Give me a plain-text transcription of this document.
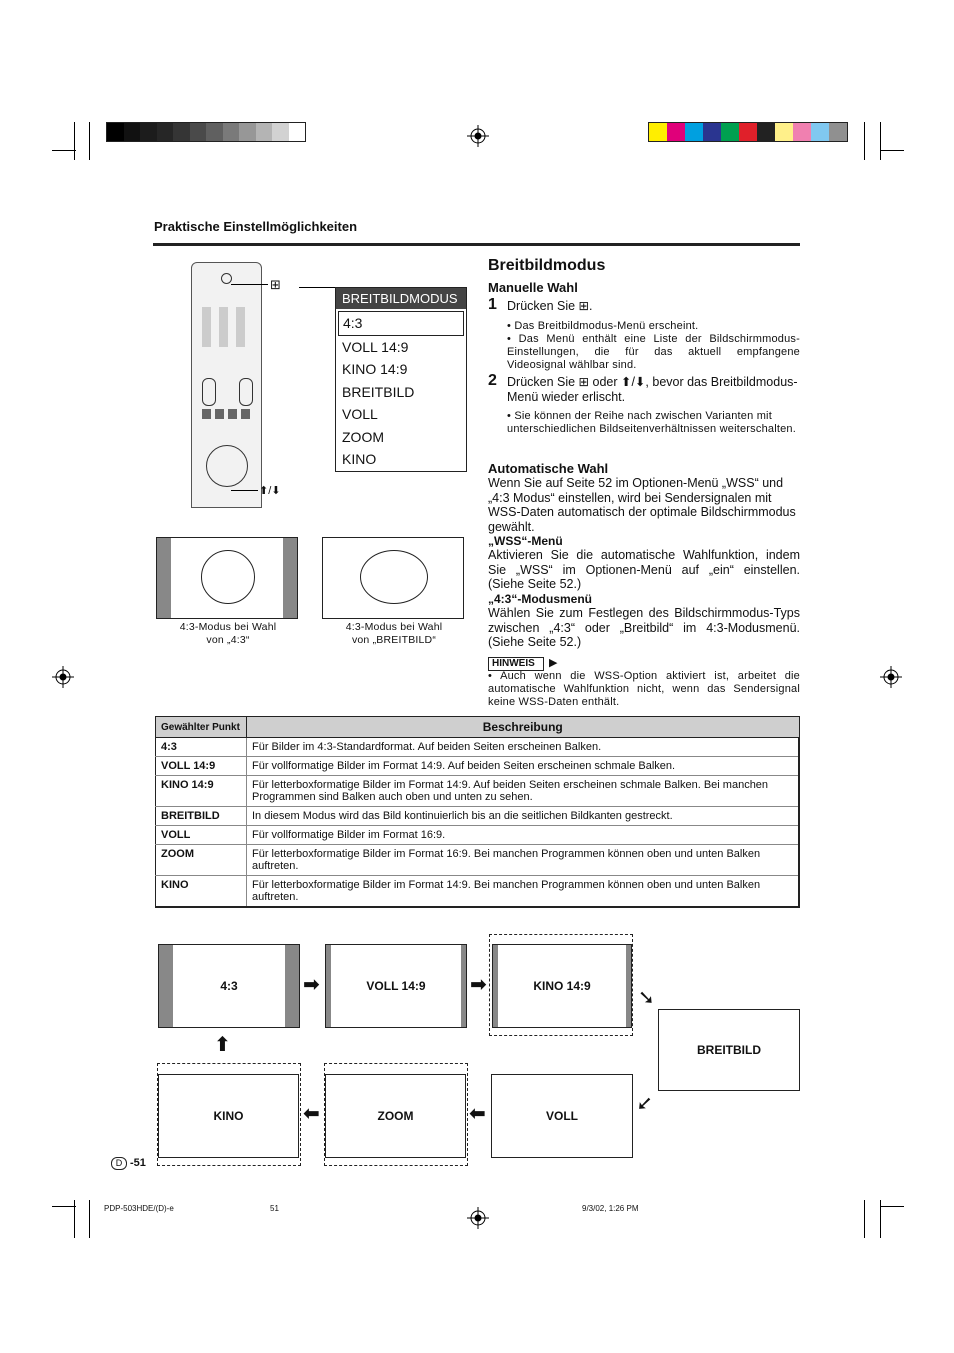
Praktische Einstellmöglichkeiten
⊞
⬆/⬇
BREITBILDMODUS
4:3
VOLL 14:9
KINO 14:9
BREITBILD
VOLL
ZOOM
KINO
4:3-Modus bei Wahl von „4:3“
4:3-Modus bei Wahl von „BREITBILD“
Breitbildmodus
Manuelle Wahl
1 Drücken Sie ⊞.
• Das Breitbildmodus-Menü erscheint.
• Das Menü enthält eine Liste der Bildschirmmodus-Einstellungen, die für das aktuell empfangene Videosignal wählbar sind.
2 Drücken Sie ⊞ oder ⬆/⬇, bevor das Breitbildmodus-Menü wieder erlischt.
• Sie können der Reihe nach zwischen Varianten mit unterschiedlichen Bildseitenverhältnissen weiterschalten.
Automatische Wahl
Wenn Sie auf Seite 52 im Optionen-Menü „WSS“ und „4:3 Modus“ einstellen, wird bei Sendersignalen mit WSS-Daten automatisch der optimale Bildschirmmodus gewählt.
„WSS“-Menü
Aktivieren Sie die automatische Wahlfunktion, indem Sie „WSS“ im Optionen-Menü auf „ein“ einstellen. (Siehe Seite 52.)
„4:3“-Modusmenü
Wählen Sie zum Festlegen des Bildschirmmodus-Typs zwischen „4:3“ oder „Breitbild“ im 4:3-Modusmenü. (Siehe Seite 52.)
HINWEIS	▶
• Auch wenn die WSS-Option aktiviert ist, arbeitet die automatische Wahlfunktion nicht, wenn das Sendersignal keine WSS-Daten enthält.
Gewählter Punkt	Beschreibung
4:3	Für Bilder im 4:3-Standardformat. Auf beiden Seiten erscheinen Balken.
VOLL 14:9	Für vollformatige Bilder im Format 14:9. Auf beiden Seiten erscheinen schmale Balken.
KINO 14:9	Für letterboxformatige Bilder im Format 14:9. Auf beiden Seiten erscheinen schmale Balken. Bei manchen Programmen sind Balken auch oben und unten zu sehen.
BREITBILD	In diesem Modus wird das Bild kontinuierlich bis an die seitlichen Bildkanten gestreckt.
VOLL	Für vollformatige Bilder im Format 16:9.
ZOOM	Für letterboxformatige Bilder im Format 16:9. Bei manchen Programmen können oben und unten Balken auftreten.
KINO	Für letterboxformatige Bilder im Format 14:9. Bei manchen Programmen können oben und unten Balken auftreten.
4:3	VOLL 14:9	KINO 14:9
BREITBILD
VOLL
ZOOM
KINO
➡	➡
➘
➘
⬅
⬅
⬆
D -51
PDP-503HDE/(D)-e	51	9/3/02, 1:26 PM
